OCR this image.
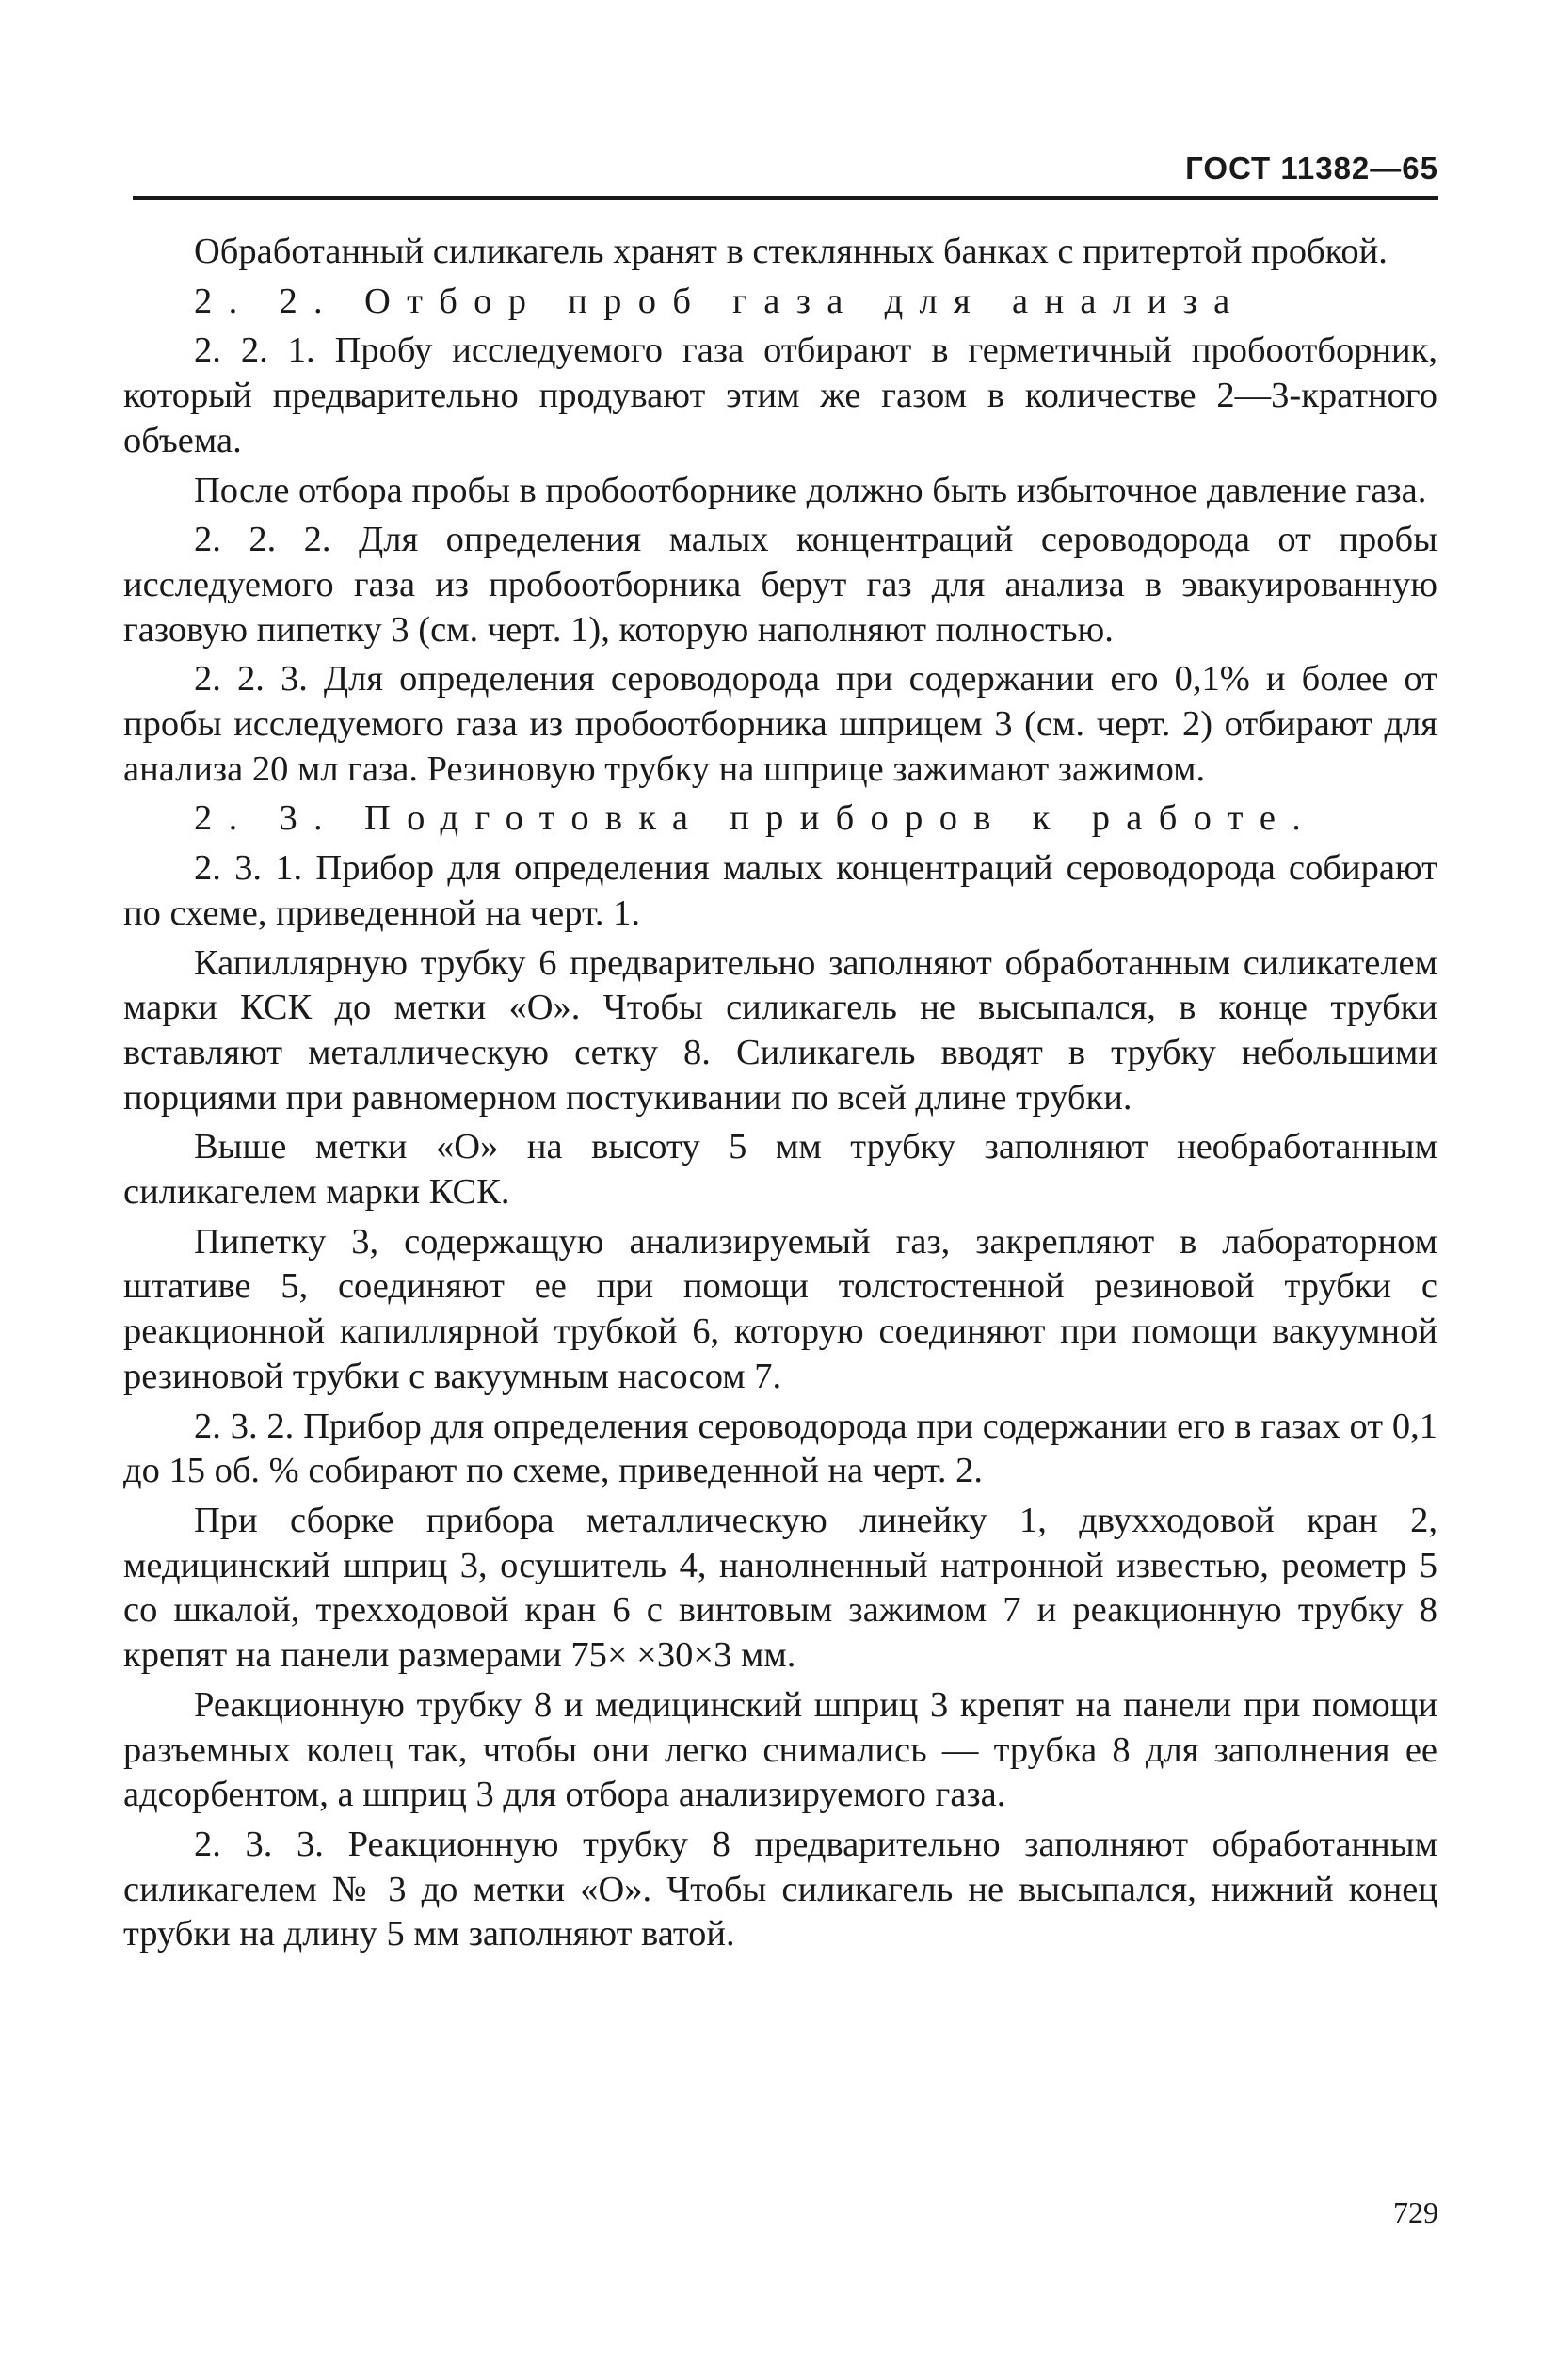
ГОСТ 11382—65

Обработанный силикагель хранят в стеклянных банках с притертой пробкой.

2. 2. Отбор проб газа для анализа

2. 2. 1. Пробу исследуемого газа отбирают в герметичный пробоотборник, который предварительно продувают этим же газом в количестве 2—3-кратного объема.

После отбора пробы в пробоотборнике должно быть избыточное давление газа.

2. 2. 2. Для определения малых концентраций сероводорода от пробы исследуемого газа из пробоотборника берут газ для анализа в эвакуированную газовую пипетку 3 (см. черт. 1), которую наполняют полностью.

2. 2. 3. Для определения сероводорода при содержании его 0,1% и более от пробы исследуемого газа из пробоотборника шприцем 3 (см. черт. 2) отбирают для анализа 20 мл газа. Резиновую трубку на шприце зажимают зажимом.

2. 3. Подготовка приборов к работе.

2. 3. 1. Прибор для определения малых концентраций сероводорода собирают по схеме, приведенной на черт. 1.

Капиллярную трубку 6 предварительно заполняют обработанным силикателем марки КСК до метки «О». Чтобы силикагель не высыпался, в конце трубки вставляют металлическую сетку 8. Силикагель вводят в трубку небольшими порциями при равномерном постукивании по всей длине трубки.

Выше метки «О» на высоту 5 мм трубку заполняют необработанным силикагелем марки КСК.

Пипетку 3, содержащую анализируемый газ, закрепляют в лабораторном штативе 5, соединяют ее при помощи толстостенной резиновой трубки с реакционной капиллярной трубкой 6, которую соединяют при помощи вакуумной резиновой трубки с вакуумным насосом 7.

2. 3. 2. Прибор для определения сероводорода при содержании его в газах от 0,1 до 15 об. % собирают по схеме, приведенной на черт. 2.

При сборке прибора металлическую линейку 1, двухходовой кран 2, медицинский шприц 3, осушитель 4, нанолненный натронной известью, реометр 5 со шкалой, трехходовой кран 6 с винтовым зажимом 7 и реакционную трубку 8 крепят на панели размерами 75× ×30×3 мм.

Реакционную трубку 8 и медицинский шприц 3 крепят на панели при помощи разъемных колец так, чтобы они легко снимались — трубка 8 для заполнения ее адсорбентом, а шприц 3 для отбора анализируемого газа.

2. 3. 3. Реакционную трубку 8 предварительно заполняют обработанным силикагелем № 3 до метки «О». Чтобы силикагель не высыпался, нижний конец трубки на длину 5 мм заполняют ватой.

729
